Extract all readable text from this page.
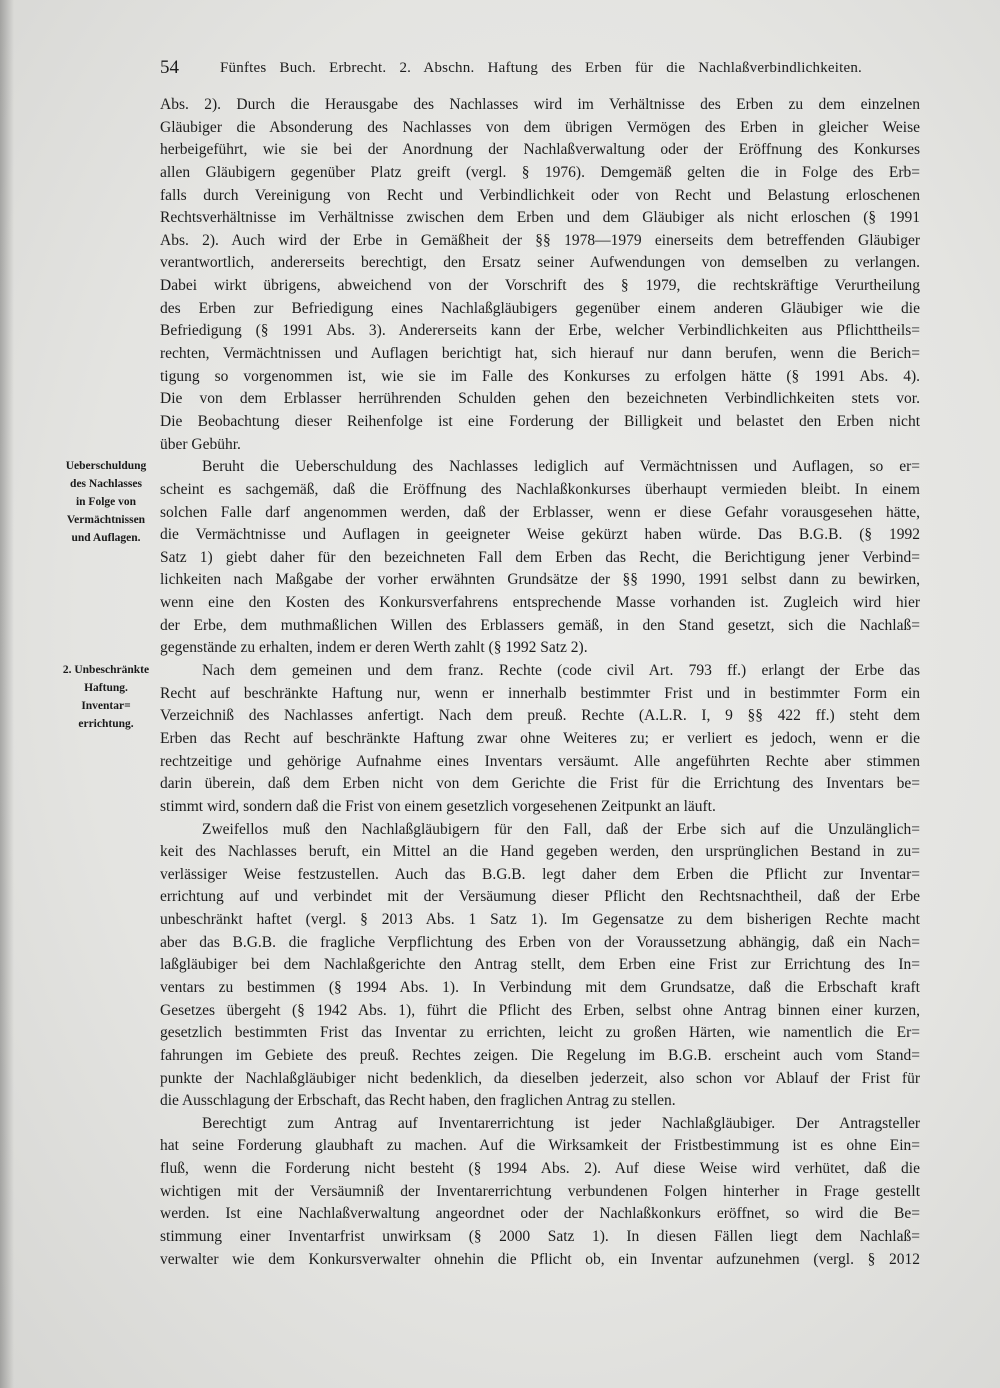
54	Fünftes Buch. Erbrecht. 2. Abschn. Haftung des Erben für die Nachlaßverbindlichkeiten.
Abs. 2). Durch die Herausgabe des Nachlasses wird im Verhältnisse des Erben zu dem einzelnen
Gläubiger die Absonderung des Nachlasses von dem übrigen Vermögen des Erben in gleicher Weise
herbeigeführt, wie sie bei der Anordnung der Nachlaßverwaltung oder der Eröffnung des Konkurses
allen Gläubigern gegenüber Platz greift (vergl. § 1976). Demgemäß gelten die in Folge des Erb=
falls durch Vereinigung von Recht und Verbindlichkeit oder von Recht und Belastung erloschenen
Rechtsverhältnisse im Verhältnisse zwischen dem Erben und dem Gläubiger als nicht erloschen (§ 1991
Abs. 2). Auch wird der Erbe in Gemäßheit der §§ 1978—1979 einerseits dem betreffenden Gläubiger
verantwortlich, andererseits berechtigt, den Ersatz seiner Aufwendungen von demselben zu verlangen.
Dabei wirkt übrigens, abweichend von der Vorschrift des § 1979, die rechtskräftige Verurtheilung
des Erben zur Befriedigung eines Nachlaßgläubigers gegenüber einem anderen Gläubiger wie die
Befriedigung (§ 1991 Abs. 3). Andererseits kann der Erbe, welcher Verbindlichkeiten aus Pflichttheils=
rechten, Vermächtnissen und Auflagen berichtigt hat, sich hierauf nur dann berufen, wenn die Berich=
tigung so vorgenommen ist, wie sie im Falle des Konkurses zu erfolgen hätte (§ 1991 Abs. 4).
Die von dem Erblasser herrührenden Schulden gehen den bezeichneten Verbindlichkeiten stets vor.
Die Beobachtung dieser Reihenfolge ist eine Forderung der Billigkeit und belastet den Erben nicht
über Gebühr.
Beruht die Ueberschuldung des Nachlasses lediglich auf Vermächtnissen und Auflagen, so er=
scheint es sachgemäß, daß die Eröffnung des Nachlaßkonkurses überhaupt vermieden bleibt. In einem
solchen Falle darf angenommen werden, daß der Erblasser, wenn er diese Gefahr vorausgesehen hätte,
die Vermächtnisse und Auflagen in geeigneter Weise gekürzt haben würde. Das B.G.B. (§ 1992
Satz 1) giebt daher für den bezeichneten Fall dem Erben das Recht, die Berichtigung jener Verbind=
lichkeiten nach Maßgabe der vorher erwähnten Grundsätze der §§ 1990, 1991 selbst dann zu bewirken,
wenn eine den Kosten des Konkursverfahrens entsprechende Masse vorhanden ist. Zugleich wird hier
der Erbe, dem muthmaßlichen Willen des Erblassers gemäß, in den Stand gesetzt, sich die Nachlaß=
gegenstände zu erhalten, indem er deren Werth zahlt (§ 1992 Satz 2).
Nach dem gemeinen und dem franz. Rechte (code civil Art. 793 ff.) erlangt der Erbe das
Recht auf beschränkte Haftung nur, wenn er innerhalb bestimmter Frist und in bestimmter Form ein
Verzeichniß des Nachlasses anfertigt. Nach dem preuß. Rechte (A.L.R. I, 9 §§ 422 ff.) steht dem
Erben das Recht auf beschränkte Haftung zwar ohne Weiteres zu; er verliert es jedoch, wenn er die
rechtzeitige und gehörige Aufnahme eines Inventars versäumt. Alle angeführten Rechte aber stimmen
darin überein, daß dem Erben nicht von dem Gerichte die Frist für die Errichtung des Inventars be=
stimmt wird, sondern daß die Frist von einem gesetzlich vorgesehenen Zeitpunkt an läuft.
Zweifellos muß den Nachlaßgläubigern für den Fall, daß der Erbe sich auf die Unzulänglich=
keit des Nachlasses beruft, ein Mittel an die Hand gegeben werden, den ursprünglichen Bestand in zu=
verlässiger Weise festzustellen. Auch das B.G.B. legt daher dem Erben die Pflicht zur Inventar=
errichtung auf und verbindet mit der Versäumung dieser Pflicht den Rechtsnachtheil, daß der Erbe
unbeschränkt haftet (vergl. § 2013 Abs. 1 Satz 1). Im Gegensatze zu dem bisherigen Rechte macht
aber das B.G.B. die fragliche Verpflichtung des Erben von der Voraussetzung abhängig, daß ein Nach=
laßgläubiger bei dem Nachlaßgerichte den Antrag stellt, dem Erben eine Frist zur Errichtung des In=
ventars zu bestimmen (§ 1994 Abs. 1). In Verbindung mit dem Grundsatze, daß die Erbschaft kraft
Gesetzes übergeht (§ 1942 Abs. 1), führt die Pflicht des Erben, selbst ohne Antrag binnen einer kurzen,
gesetzlich bestimmten Frist das Inventar zu errichten, leicht zu großen Härten, wie namentlich die Er=
fahrungen im Gebiete des preuß. Rechtes zeigen. Die Regelung im B.G.B. erscheint auch vom Stand=
punkte der Nachlaßgläubiger nicht bedenklich, da dieselben jederzeit, also schon vor Ablauf der Frist für
die Ausschlagung der Erbschaft, das Recht haben, den fraglichen Antrag zu stellen.
Berechtigt zum Antrag auf Inventarerrichtung ist jeder Nachlaßgläubiger. Der Antragsteller
hat seine Forderung glaubhaft zu machen. Auf die Wirksamkeit der Fristbestimmung ist es ohne Ein=
fluß, wenn die Forderung nicht besteht (§ 1994 Abs. 2). Auf diese Weise wird verhütet, daß die
wichtigen mit der Versäumniß der Inventarerrichtung verbundenen Folgen hinterher in Frage gestellt
werden. Ist eine Nachlaßverwaltung angeordnet oder der Nachlaßkonkurs eröffnet, so wird die Be=
stimmung einer Inventarfrist unwirksam (§ 2000 Satz 1). In diesen Fällen liegt dem Nachlaß=
verwalter wie dem Konkursverwalter ohnehin die Pflicht ob, ein Inventar aufzunehmen (vergl. § 2012
Ueberschuldung
des Nachlasses
in Folge von
Vermächtnissen
und Auflagen.
2. Unbeschränkte
Haftung.
Inventar=
errichtung.
